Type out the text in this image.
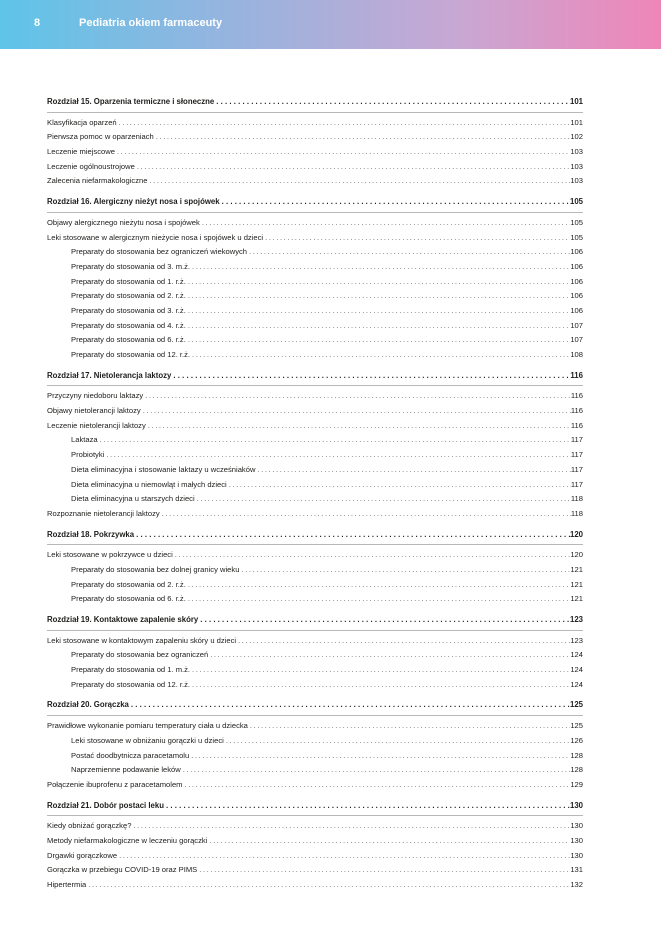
8	Pediatria okiem farmaceuty
Rozdział 15. Oparzenia termiczne i słoneczne .....	101
Klasyfikacja oparzeń .....	101
Pierwsza pomoc w oparzeniach .....	102
Leczenie miejscowe .....	103
Leczenie ogólnoustrojowe .....	103
Zalecenia niefarmakologiczne .....	103
Rozdział 16. Alergiczny nieżyt nosa i spojówek .....	105
Objawy alergicznego nieżytu nosa i spojówek .....	105
Leki stosowane w alergicznym nieżycie nosa i spojówek u dzieci .....	105
Preparaty do stosowania bez ograniczeń wiekowych .....	106
Preparaty do stosowania od 3. m.ż. .....	106
Preparaty do stosowania od 1. r.ż. .....	106
Preparaty do stosowania od 2. r.ż. .....	106
Preparaty do stosowania od 3. r.ż. .....	106
Preparaty do stosowania od 4. r.ż. .....	107
Preparaty do stosowania od 6. r.ż. .....	107
Preparaty do stosowania od 12. r.ż. .....	108
Rozdział 17. Nietolerancja laktozy .....	116
Przyczyny niedoboru laktazy .....	116
Objawy nietolerancji laktozy .....	116
Leczenie nietolerancji laktozy .....	116
Laktaza .....	117
Probiotyki .....	117
Dieta eliminacyjna i stosowanie laktazy u wcześniaków .....	117
Dieta eliminacyjna u niemowląt i małych dzieci .....	117
Dieta eliminacyjna u starszych dzieci .....	118
Rozpoznanie nietolerancji laktozy .....	118
Rozdział 18. Pokrzywka .....	120
Leki stosowane w pokrzywce u dzieci .....	120
Preparaty do stosowania bez dolnej granicy wieku .....	121
Preparaty do stosowania od 2. r.ż. .....	121
Preparaty do stosowania od 6. r.ż. .....	121
Rozdział 19. Kontaktowe zapalenie skóry .....	123
Leki stosowane w kontaktowym zapaleniu skóry u dzieci .....	123
Preparaty do stosowania bez ograniczeń .....	124
Preparaty do stosowania od 1. m.ż. .....	124
Preparaty do stosowania od 12. r.ż. .....	124
Rozdział 20. Gorączka .....	125
Prawidłowe wykonanie pomiaru temperatury ciała u dziecka .....	125
Leki stosowane w obniżaniu gorączki u dzieci .....	126
Postać doodbytnicza paracetamolu .....	128
Naprzemienne podawanie leków .....	128
Połączenie ibuprofenu z paracetamolem .....	129
Rozdział 21. Dobór postaci leku .....	130
Kiedy obniżać gorączkę? .....	130
Metody niefarmakologiczne w leczeniu gorączki .....	130
Drgawki gorączkowe .....	130
Gorączka w przebiegu COVID-19 oraz PIMS .....	131
Hipertermia .....	132
